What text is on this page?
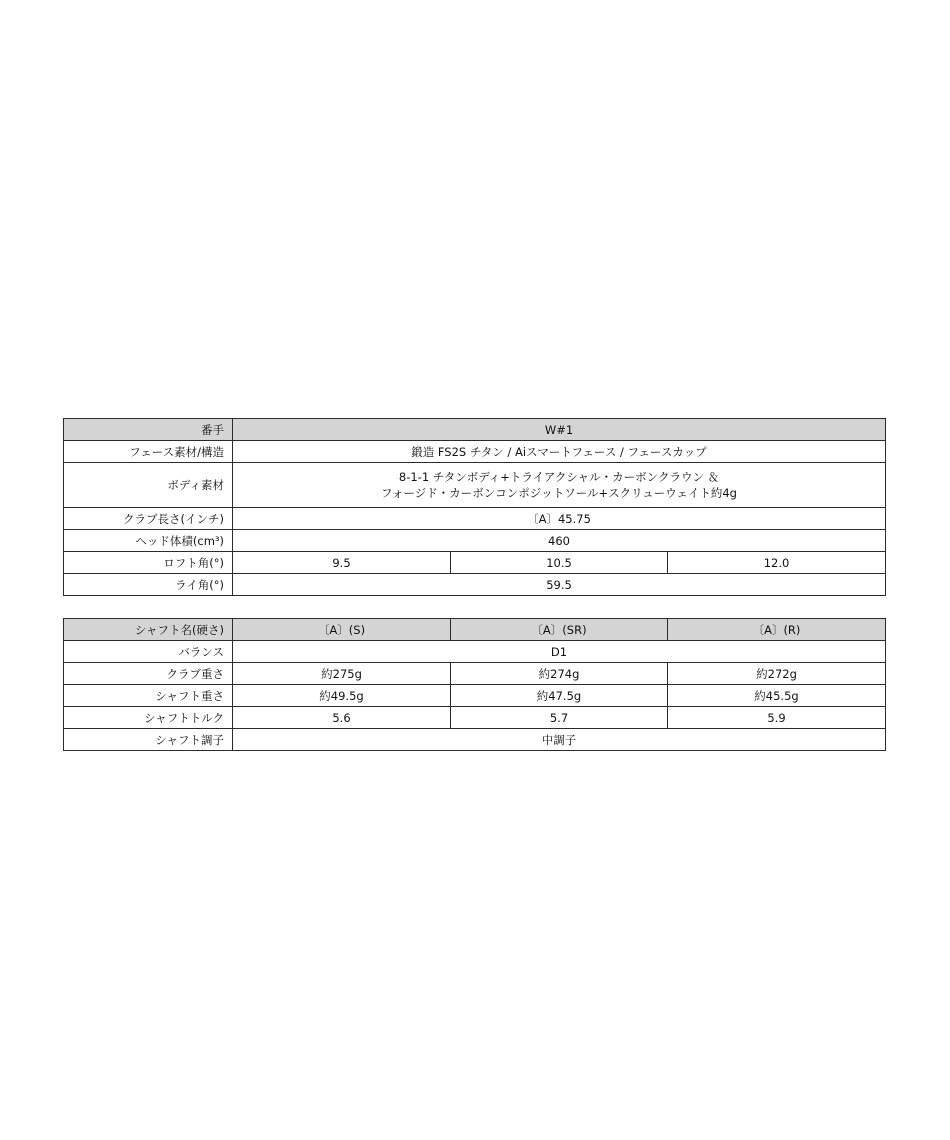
番手	W#1		
フェース素材/構造	鍛造 FS2S チタン / Aiスマートフェース / フェースカップ		
ボディ素材	8-1-1 チタンボディ+トライアクシャル・カーボンクラウン ＆
フォージド・カーボンコンポジットソール+スクリューウェイト約4g		

クラブ長さ(インチ)	〔A〕45.75		
ヘッド体積(cm³)	460		
ロフト角(°)	9.5	10.5	12.0
ライ角(°)	59.5		
シャフト名(硬さ)	〔A〕(S)	〔A〕(SR)	〔A〕(R)
バランス	D1		
クラブ重さ	約275g	約274g	約272g
シャフト重さ	約49.5g	約47.5g	約45.5g
シャフトトルク	5.6	5.7	5.9
シャフト調子	中調子		
